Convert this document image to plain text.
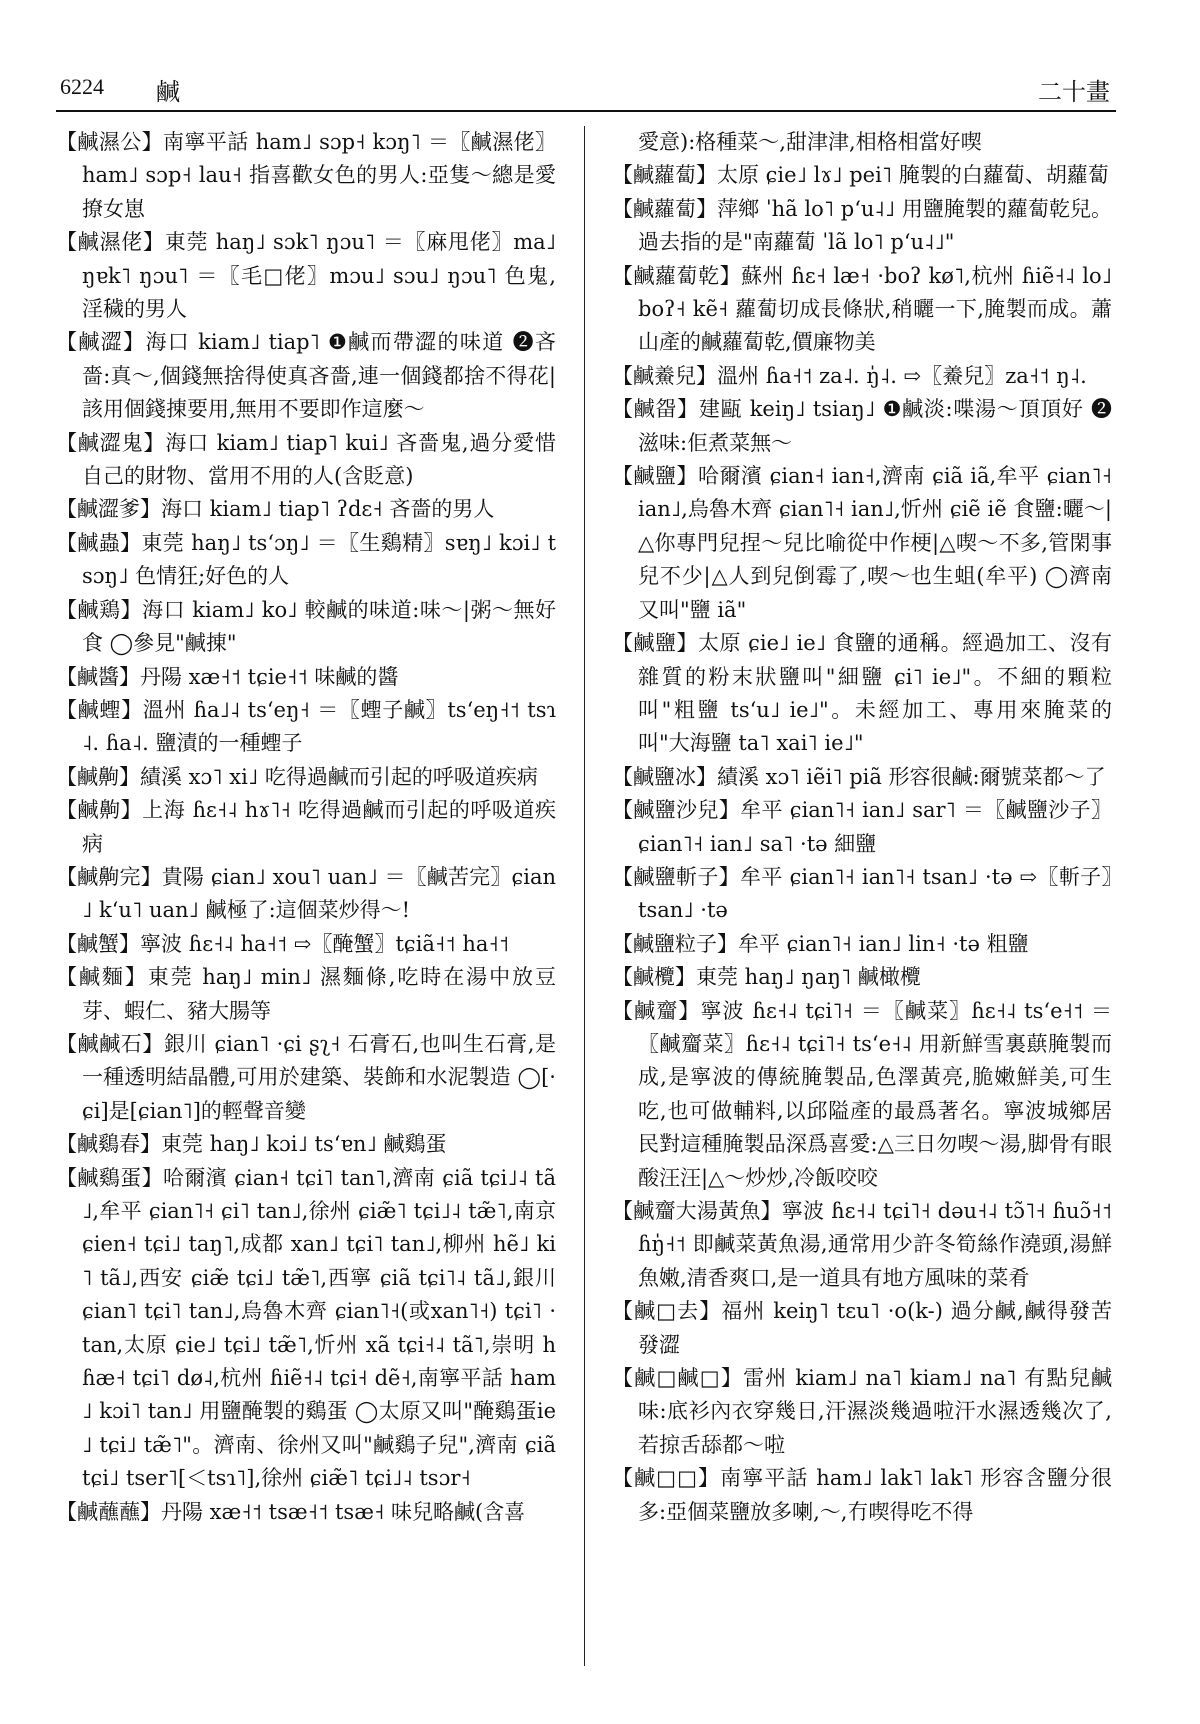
6224 鹹	二十畫

【鹹濕公】南寧平話 ham˩ sɔp˧ kɔŋ˥ ＝〖鹹濕佬〗ham˩ sɔp˧ lau˧ 指喜歡女色的男人:亞隻～總是愛撩女崽

【鹹濕佬】東莞 haŋ˩ sɔk˥ ŋɔu˥ ＝〖麻甩佬〗ma˩ ŋɐk˥ ŋɔu˥ ＝〖毛□佬〗mɔu˩ sɔu˩ ŋɔu˥ 色鬼,淫穢的男人

【鹹澀】海口 kiam˩ tiap˥ ❶鹹而帶澀的味道 ❷吝嗇:真～,個錢無捨得使真吝嗇,連一個錢都捨不得花|該用個錢㨂要用,無用不要即作這麼～

【鹹澀鬼】海口 kiam˩ tiap˥ kui˩ 吝嗇鬼,過分愛惜自己的財物、當用不用的人(含貶意)

【鹹澀爹】海口 kiam˩ tiap˥ ʔdɛ˧ 吝嗇的男人

【鹹蟲】東莞 haŋ˩ tsʻɔŋ˩ ＝〖生鷄精〗sɐŋ˩ kɔi˩ tsɔŋ˩ 色情狂;好色的人

【鹹鶏】海口 kiam˩ ko˩ 較鹹的味道:味～|粥～無好食 ◯參見"鹹㨂"

【鹹醬】丹陽 xæ˧˦ tɕie˧˦ 味鹹的醬

【鹹蟶】溫州 ɦa˩˨ tsʻeŋ˧ ＝〖蟶子鹹〗tsʻeŋ˧˦ tsɿ˨. ɦa˨. 鹽漬的一種蟶子

【鹹齁】績溪 xɔ˥ xi˩ 吃得過鹹而引起的呼吸道疾病

【鹹齁】上海 ɦɛ˧˨ hɤ˥˧ 吃得過鹹而引起的呼吸道疾病

【鹹齁完】貴陽 ɕian˩ xou˥ uan˩ ＝〖鹹苦完〗ɕian˩ kʻu˥ uan˩ 鹹極了:這個菜炒得～!

【鹹蟹】寧波 ɦɛ˧˨ ha˧˦ ⇨〖醃蟹〗tɕiã˧˦ ha˧˦

【鹹麵】東莞 haŋ˩ min˩ 濕麵條,吃時在湯中放豆芽、蝦仁、豬大腸等

【鹹鹹石】銀川 ɕian˥ ·ɕi ʂʅ˧ 石膏石,也叫生石膏,是一種透明結晶體,可用於建築、裝飾和水泥製造 ◯[·ɕi]是[ɕian˥]的輕聲音變

【鹹鷄春】東莞 haŋ˩ kɔi˩ tsʻɐn˩ 鹹鷄蛋

【鹹鷄蛋】哈爾濱 ɕian˧ tɕi˥ tan˥,濟南 ɕiã tɕi˩˨ tã˩,牟平 ɕian˥˧ ɕi˥ tan˩,徐州 ɕiæ̃˥ tɕi˩˨ tæ̃˥,南京 ɕien˧ tɕi˩ taŋ˥,成都 xan˩ tɕi˥ tan˩,柳州 hẽ˩ ki˥ tã˩,西安 ɕiæ̃ tɕi˩ tæ̃˥,西寧 ɕiã tɕi˥˨ tã˩,銀川 ɕian˥ tɕi˥ tan˩,烏魯木齊 ɕian˥˧(或xan˥˧) tɕi˥ ·tan,太原 ɕie˩ tɕi˩ tæ̃˥,忻州 xã tɕi˧˨ tã˥,崇明 hɦæ˧ tɕi˥ dø˨,杭州 ɦiẽ˧˨ tɕi˧ dẽ˧,南寧平話 ham˩ kɔi˥ tan˩ 用鹽醃製的鷄蛋 ◯太原又叫"醃鷄蛋ie˩ tɕi˩ tæ̃˥"。濟南、徐州又叫"鹹鷄子兒",濟南 ɕiã tɕi˩ tser˥[＜tsɿ˥],徐州 ɕiæ̃˥ tɕi˩˨ tsɔr˧

【鹹蘸蘸】丹陽 xæ˧˦ tsæ˧˦ tsæ˧ 味兒略鹹(含喜

愛意):格種菜～,甜津津,相格相當好喫

【鹹蘿蔔】太原 ɕie˩ lɤ˩ pei˥ 腌製的白蘿蔔、胡蘿蔔

【鹹蘿蔔】萍鄉 ˈhã lo˥ pʻu˨˩ 用鹽腌製的蘿蔔乾兒。過去指的是"南蘿蔔 ˈlã lo˥ pʻu˨˩"

【鹹蘿蔔乾】蘇州 ɦɛ˧ læ˧ ·boʔ kø˥,杭州 ɦiẽ˧˨ lo˩ boʔ˧ kẽ˧ 蘿蔔切成長條狀,稍曬一下,腌製而成。蕭山產的鹹蘿蔔乾,價廉物美

【鹹鯗兒】溫州 ɦa˧˦ za˨. ŋ̍˨. ⇨〖鯗兒〗za˧˦ ŋ˨.

【鹹㽜】建甌 keiŋ˩ tsiaŋ˩ ❶鹹淡:喋湯～頂頂好 ❷滋味:佢煮菜無～

【鹹鹽】哈爾濱 ɕian˧ ian˧,濟南 ɕiã iã,牟平 ɕian˥˧ ian˩,烏魯木齊 ɕian˥˧ ian˩,忻州 ɕiẽ iẽ 食鹽:曬～|△你專門兒捏～兒比喻從中作梗|△喫～不多,管閑事兒不少|△人到兒倒霉了,喫～也生蛆(牟平) ◯濟南又叫"鹽 iã"

【鹹鹽】太原 ɕie˩ ie˩ 食鹽的通稱。經過加工、沒有雜質的粉末狀鹽叫"細鹽 ɕi˥ ie˩"。不細的顆粒叫"粗鹽 tsʻu˩ ie˩"。未經加工、專用來腌菜的叫"大海鹽 ta˥ xai˥ ie˩"

【鹹鹽冰】績溪 xɔ˥ iẽi˥ piã 形容很鹹:爾號菜都～了

【鹹鹽沙兒】牟平 ɕian˥˧ ian˩ sar˥ ＝〖鹹鹽沙子〗ɕian˥˧ ian˩ sa˥ ·tə 細鹽

【鹹鹽斬子】牟平 ɕian˥˧ ian˥˧ tsan˩ ·tə ⇨〖斬子〗tsan˩ ·tə

【鹹鹽粒子】牟平 ɕian˥˧ ian˩ lin˧ ·tə 粗鹽

【鹹欖】東莞 haŋ˩ ŋaŋ˥ 鹹橄欖

【鹹齏】寧波 ɦɛ˧˨ tɕi˥˧ ＝〖鹹菜〗ɦɛ˧˨ tsʻe˧˦ ＝〖鹹齏菜〗ɦɛ˧˨ tɕi˥˧ tsʻe˧˨ 用新鮮雪裏蕻腌製而成,是寧波的傳統腌製品,色澤黃亮,脆嫩鮮美,可生吃,也可做輔料,以邱隘產的最爲著名。寧波城鄉居民對這種腌製品深爲喜愛:△三日勿喫～湯,脚骨有眼酸汪汪|△～炒炒,冷飯咬咬

【鹹齏大湯黃魚】寧波 ɦɛ˧˨ tɕi˥˧ dəu˧˨ tɔ̃˥˧ ɦuɔ̃˧˦ ɦŋ̍˧˦ 即鹹菜黃魚湯,通常用少許冬筍絲作澆頭,湯鮮魚嫩,清香爽口,是一道具有地方風味的菜肴

【鹹□去】福州 keiŋ˥ tɛu˥ ·o(k-) 過分鹹,鹹得發苦發澀

【鹹□鹹□】雷州 kiam˩ na˥ kiam˩ na˥ 有點兒鹹味:底衫內衣穿幾日,汗濕淡幾過啦汗水濕透幾次了,若掠舌舔都～啦

【鹹□□】南寧平話 ham˩ lak˥ lak˥ 形容含鹽分很多:亞個菜鹽放多喇,～,冇喫得吃不得
